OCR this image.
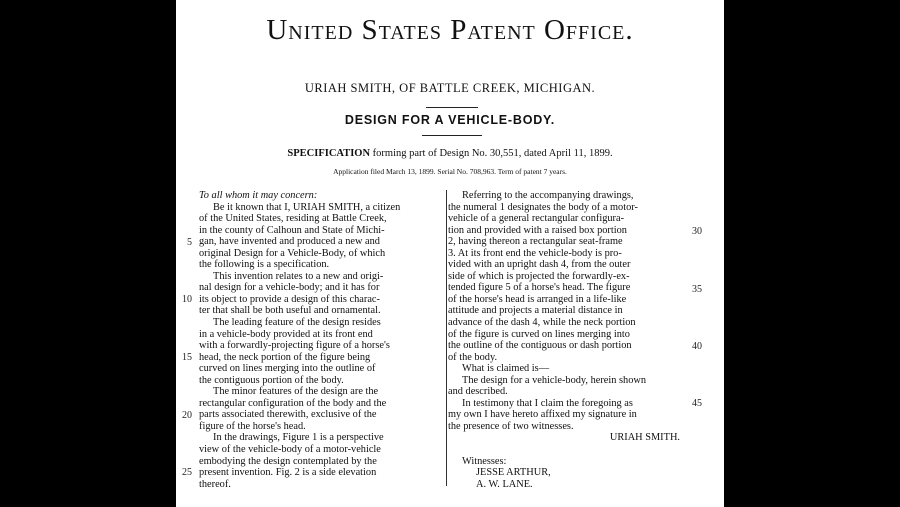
United States Patent Office.
URIAH SMITH, OF BATTLE CREEK, MICHIGAN.
DESIGN FOR A VEHICLE-BODY.
SPECIFICATION forming part of Design No. 30,551, dated April 11, 1899.
Application filed March 13, 1899. Serial No. 708,963. Term of patent 7 years.
To all whom it may concern:
Be it known that I, URIAH SMITH, a citizen
of the United States, residing at Battle Creek,
in the county of Calhoun and State of Michi-
gan, have invented and produced a new and
original Design for a Vehicle-Body, of which
the following is a specification.
This invention relates to a new and origi-
nal design for a vehicle-body; and it has for
its object to provide a design of this charac-
ter that shall be both useful and ornamental.
The leading feature of the design resides
in a vehicle-body provided at its front end
with a forwardly-projecting figure of a horse's
head, the neck portion of the figure being
curved on lines merging into the outline of
the contiguous portion of the body.
The minor features of the design are the
rectangular configuration of the body and the
parts associated therewith, exclusive of the
figure of the horse's head.
In the drawings, Figure 1 is a perspective
view of the vehicle-body of a motor-vehicle
embodying the design contemplated by the
present invention. Fig. 2 is a side elevation
thereof.
Referring to the accompanying drawings,
the numeral 1 designates the body of a motor-
vehicle of a general rectangular configura-
tion and provided with a raised box portion
2, having thereon a rectangular seat-frame
3. At its front end the vehicle-body is pro-
vided with an upright dash 4, from the outer
side of which is projected the forwardly-ex-
tended figure 5 of a horse's head. The figure
of the horse's head is arranged in a life-like
attitude and projects a material distance in
advance of the dash 4, while the neck portion
of the figure is curved on lines merging into
the outline of the contiguous or dash portion
of the body.
What is claimed is—
The design for a vehicle-body, herein shown
and described.
In testimony that I claim the foregoing as
my own I have hereto affixed my signature in
the presence of two witnesses.
URIAH SMITH.
Witnesses:
JESSE ARTHUR,
A. W. LANE.
5
10
15
20
25
30
35
40
45
